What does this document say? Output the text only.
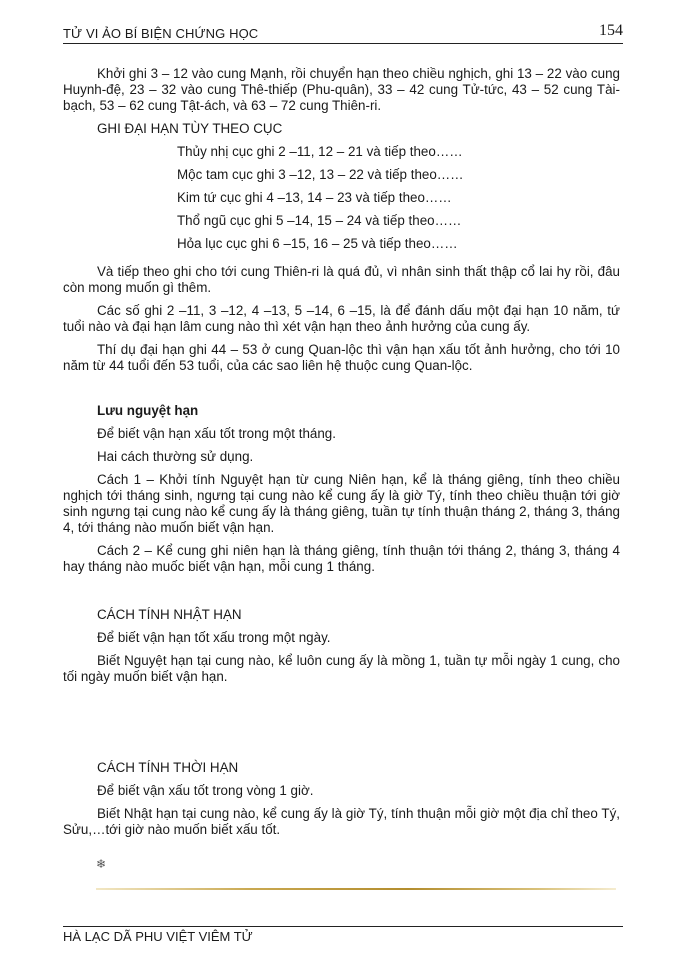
TỬ VI ẢO BÍ BIỆN CHỨNG HỌC	154

Khởi ghi 3 – 12 vào cung Mạnh, rồi chuyển hạn theo chiều nghịch, ghi 13 – 22 vào cung Huynh-đệ, 23 – 32 vào cung Thê-thiếp (Phu-quân), 33 – 42 cung Tử-tức, 43 – 52 cung Tài-bạch, 53 – 62 cung Tật-ách, và 63 – 72 cung Thiên-ri.

GHI ĐẠI HẠN TÙY THEO CỤC
Thủy nhị cục ghi 2 –11, 12 – 21 và tiếp theo……
Mộc tam cục ghi 3 –12, 13 – 22 và tiếp theo……
Kim tứ cục ghi 4 –13, 14 – 23 và tiếp theo……
Thổ ngũ cục ghi 5 –14, 15 – 24 và tiếp theo……
Hỏa lục cục ghi 6 –15, 16 – 25 và tiếp theo……

Và tiếp theo ghi cho tới cung Thiên-ri là quá đủ, vì nhân sinh thất thập cổ lai hy rồi, đâu còn mong muốn gì thêm.

Các số ghi 2 –11, 3 –12, 4 –13, 5 –14, 6 –15, là để đánh dấu một đại hạn 10 năm, tứ tuổi nào và đại hạn lâm cung nào thì xét vận hạn theo ảnh hưởng của cung ấy.

Thí dụ đại hạn ghi 44 – 53 ở cung Quan-lộc thì vận hạn xấu tốt ảnh hưởng, cho tới 10 năm từ 44 tuổi đến 53 tuổi, của các sao liên hệ thuộc cung Quan-lộc.

Lưu nguyệt hạn

Để biết vận hạn xấu tốt trong một tháng.

Hai cách thường sử dụng.

Cách 1 – Khởi tính Nguyệt hạn từ cung Niên hạn, kể là tháng giêng, tính theo chiều nghịch tới tháng sinh, ngưng tại cung nào kể cung ấy là giờ Tý, tính theo chiều thuận tới giờ sinh ngưng tại cung nào kể cung ấy là tháng giêng, tuần tự tính thuận tháng 2, tháng 3, tháng 4, tới tháng nào muốn biết vận hạn.

Cách 2 – Kể cung ghi niên hạn là tháng giêng, tính thuận tới tháng 2, tháng 3, tháng 4 hay tháng nào muốc biết vận hạn, mỗi cung 1 tháng.

CÁCH TÍNH NHẬT HẠN

Để biết vận hạn tốt xấu trong một ngày.

Biết Nguyệt hạn tại cung nào, kể luôn cung ấy là mồng 1, tuần tự mỗi ngày 1 cung, cho tối ngày muốn biết vận hạn.

CÁCH TÍNH THỜI HẠN

Để biết vận xấu tốt trong vòng 1 giờ.

Biết Nhật hạn tại cung nào, kể cung ấy là giờ Tý, tính thuận mỗi giờ một địa chỉ theo Tý, Sửu,…tới giờ nào muốn biết xấu tốt.

❄
HÀ LẠC DÃ PHU VIỆT VIÊM TỬ
